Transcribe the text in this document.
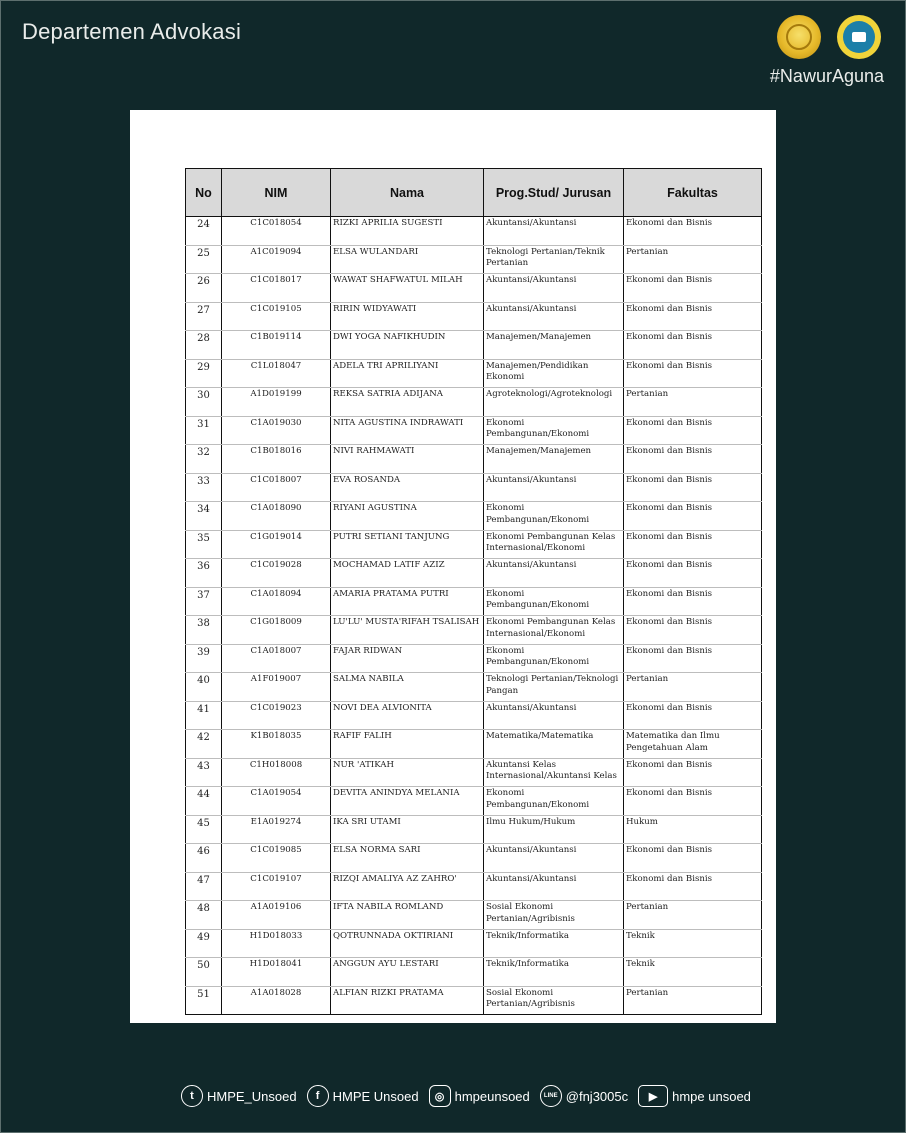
Departemen Advokasi
#NawurAguna
No	NIM	Nama	Prog.Stud/ Jurusan	Fakultas
24	C1C018054	RIZKI APRILIA SUGESTI	Akuntansi/Akuntansi	Ekonomi dan Bisnis
25	A1C019094	ELSA WULANDARI	Teknologi Pertanian/Teknik Pertanian	Pertanian
26	C1C018017	WAWAT SHAFWATUL MILAH	Akuntansi/Akuntansi	Ekonomi dan Bisnis
27	C1C019105	RIRIN WIDYAWATI	Akuntansi/Akuntansi	Ekonomi dan Bisnis
28	C1B019114	DWI YOGA NAFIKHUDIN	Manajemen/Manajemen	Ekonomi dan Bisnis
29	C1L018047	ADELA TRI APRILIYANI	Manajemen/Pendidikan Ekonomi	Ekonomi dan Bisnis
30	A1D019199	REKSA SATRIA ADIJANA	Agroteknologi/Agroteknologi	Pertanian
31	C1A019030	NITA AGUSTINA INDRAWATI	Ekonomi Pembangunan/Ekonomi	Ekonomi dan Bisnis
32	C1B018016	NIVI RAHMAWATI	Manajemen/Manajemen	Ekonomi dan Bisnis
33	C1C018007	EVA ROSANDA	Akuntansi/Akuntansi	Ekonomi dan Bisnis
34	C1A018090	RIYANI AGUSTINA	Ekonomi Pembangunan/Ekonomi	Ekonomi dan Bisnis
35	C1G019014	PUTRI SETIANI TANJUNG	Ekonomi Pembangunan Kelas Internasional/Ekonomi	Ekonomi dan Bisnis
36	C1C019028	MOCHAMAD LATIF AZIZ	Akuntansi/Akuntansi	Ekonomi dan Bisnis
37	C1A018094	AMARIA PRATAMA PUTRI	Ekonomi Pembangunan/Ekonomi	Ekonomi dan Bisnis
38	C1G018009	LU'LU' MUSTA'RIFAH TSALISAH	Ekonomi Pembangunan Kelas Internasional/Ekonomi	Ekonomi dan Bisnis
39	C1A018007	FAJAR RIDWAN	Ekonomi Pembangunan/Ekonomi	Ekonomi dan Bisnis
40	A1F019007	SALMA NABILA	Teknologi Pertanian/Teknologi Pangan	Pertanian
41	C1C019023	NOVI DEA ALVIONITA	Akuntansi/Akuntansi	Ekonomi dan Bisnis
42	K1B018035	RAFIF FALIH	Matematika/Matematika	Matematika dan Ilmu Pengetahuan Alam
43	C1H018008	NUR 'ATIKAH	Akuntansi Kelas Internasional/Akuntansi Kelas	Ekonomi dan Bisnis
44	C1A019054	DEVITA ANINDYA MELANIA	Ekonomi Pembangunan/Ekonomi	Ekonomi dan Bisnis
45	E1A019274	IKA SRI UTAMI	Ilmu Hukum/Hukum	Hukum
46	C1C019085	ELSA NORMA SARI	Akuntansi/Akuntansi	Ekonomi dan Bisnis
47	C1C019107	RIZQI AMALIYA AZ ZAHRO'	Akuntansi/Akuntansi	Ekonomi dan Bisnis
48	A1A019106	IFTA NABILA ROMLAND	Sosial Ekonomi Pertanian/Agribisnis	Pertanian
49	H1D018033	QOTRUNNADA OKTIRIANI	Teknik/Informatika	Teknik
50	H1D018041	ANGGUN AYU LESTARI	Teknik/Informatika	Teknik
51	A1A018028	ALFIAN RIZKI PRATAMA	Sosial Ekonomi Pertanian/Agribisnis	Pertanian
t	HMPE_Unsoed	f	HMPE Unsoed	◎ hmpeunsoed	LINE @fnj3005c	▶	hmpe unsoed
